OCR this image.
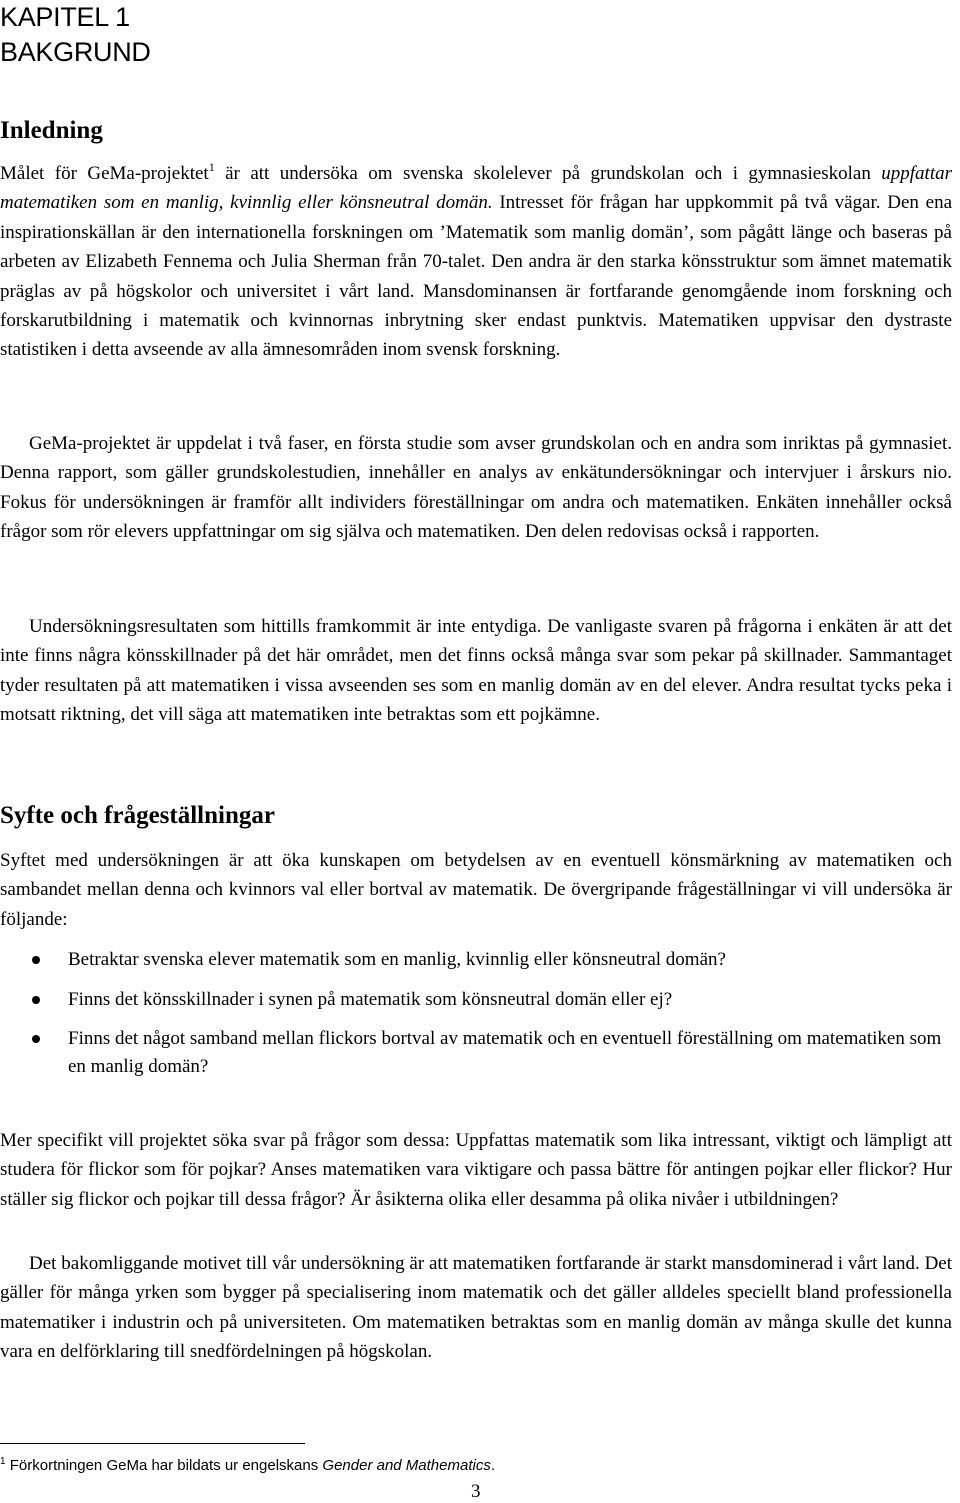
KAPITEL 1
BAKGRUND
Inledning

Målet för GeMa-projektet$^1$ är att undersöka om svenska skolelever på grundskolan och i gymnasieskolan uppfattar matematiken som en manlig, kvinnlig eller könsneutral domän. Intresset för frågan har uppkommit på två vägar. Den ena inspirationskällan är den internationella forskningen om ’Matematik som manlig domän’, som pågått länge och baseras på arbeten av Elizabeth Fennema och Julia Sherman från 70-talet. Den andra är den starka könsstruktur som ämnet matematik präglas av på högskolor och universitet i vårt land. Mansdominansen är fortfarande genomgående inom forskning och forskarutbildning i matematik och kvinnornas inbrytning sker endast punktvis. Matematiken uppvisar den dystraste statistiken i detta avseende av alla ämnesområden inom svensk forskning.

GeMa-projektet är uppdelat i två faser, en första studie som avser grundskolan och en andra som inriktas på gymnasiet. Denna rapport, som gäller grundskolestudien, innehåller en analys av enkätundersökningar och intervjuer i årskurs nio. Fokus för undersökningen är framför allt individers föreställningar om andra och matematiken. Enkäten innehåller också frågor som rör elevers uppfattningar om sig själva och matematiken. Den delen redovisas också i rapporten.

Undersökningsresultaten som hittills framkommit är inte entydiga. De vanligaste svaren på frågorna i enkäten är att det inte finns några könsskillnader på det här området, men det finns också många svar som pekar på skillnader. Sammantaget tyder resultaten på att matematiken i vissa avseenden ses som en manlig domän av en del elever. Andra resultat tycks peka i motsatt riktning, det vill säga att matematiken inte betraktas som ett pojkämne.

Syfte och frågeställningar

Syftet med undersökningen är att öka kunskapen om betydelsen av en eventuell könsmärkning av matematiken och sambandet mellan denna och kvinnors val eller bortval av matematik. De övergripande frågeställningar vi vill undersöka är följande:

Betraktar svenska elever matematik som en manlig, kvinnlig eller könsneutral domän?
Finns det könsskillnader i synen på matematik som könsneutral domän eller ej?
Finns det något samband mellan flickors bortval av matematik och en eventuell föreställning om matematiken som en manlig domän?

Mer specifikt vill projektet söka svar på frågor som dessa: Uppfattas matematik som lika intressant, viktigt och lämpligt att studera för flickor som för pojkar? Anses matematiken vara viktigare och passa bättre för antingen pojkar eller flickor? Hur ställer sig flickor och pojkar till dessa frågor? Är åsikterna olika eller desamma på olika nivåer i utbildningen?

Det bakomliggande motivet till vår undersökning är att matematiken fortfarande är starkt mansdominerad i vårt land. Det gäller för många yrken som bygger på specialisering inom matematik och det gäller alldeles speciellt bland professionella matematiker i industrin och på universiteten. Om matematiken betraktas som en manlig domän av många skulle det kunna vara en delförklaring till snedfördelningen på högskolan.

$^1$ Förkortningen GeMa har bildats ur engelskans Gender and Mathematics.
3
